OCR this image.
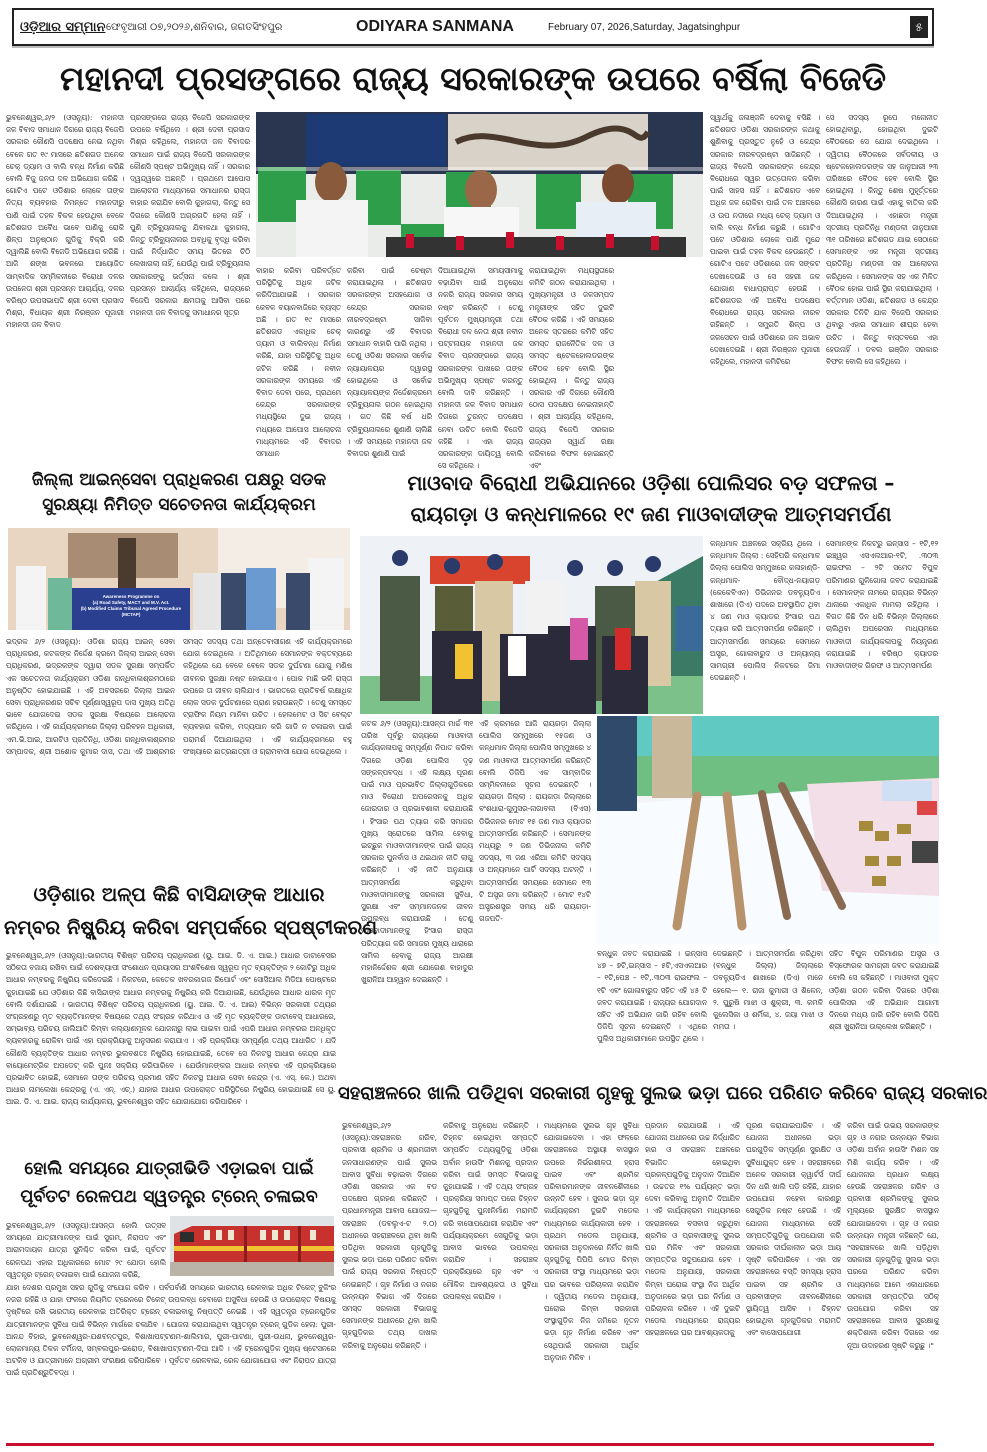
ଓଡ଼ିଆର ସମ୍ମାନ ଫେବୃଆରୀ ୦୭,୨୦୨୬,ଶନିବାର, ଜଗତସିଂହପୁର	ODIYARA SANMANA	February 07, 2026,Saturday, Jagatsinghpur	୫
ମହାନଦୀ ପ୍ରସଙ୍ଗରେ ରାଜ୍ୟ ସରକାରଙ୍କ ଉପରେ ବର୍ଷିଲା ବିଜେଡି
ଭୁବନେଶ୍ୱର,୬/୨ (ଓସନ୍ୟୁ): ମହାନଦୀ ଜଳ ବିବାଦ ସମାଧାନ ଦିଗରେ ରାଜ୍ୟ ବିଜେପି ସରକାର କୌଣସି ପଦକ୍ଷେପ ନେଇ ନଥିବା ବେଳେ ଗତ ୧୯ ମାସରେ ଛତିଶଗଡ ଅନେକ ଚେକ୍ ଡ୍ୟାମ ଓ ବାଲି ବନ୍ଧ ନିର୍ମାଣ କରିଛି ବୋଲି ବିଜୁ ଜନତା ଦଳ ଅଭିଯୋଗ କରିଛି । ଗୋଟିଏ ପଟେ ଓଡିଶାର ଲୋକେ ତାଙ୍କ ନିତ୍ୟ ବ୍ୟବହାର ନିମନ୍ତେ ମହାନଦୀରୁ ପାଣି ପାଇଁ ତହଳ ବିକଳ ହେଉଥିବା ବେଳେ ଛତିଶଗଡ ଅବୈଧ ଭାବେ ପାଣିକୁ ରୋକି ଶିଳ୍ପ ଅନୁଷ୍ଠାନ ଗୁଡିକୁ ବିକ୍ରି କରି ଦ୍ୱାଲିଛି ବୋଲି ବିଜେଡି ଅଭିଯୋଗ କରିଛି । ଆଜି ଶଙ୍ଖ ଭବନରେ ଆୟୋଜିତ ସାମ୍ବାଦିକ ସମ୍ମିଳନୀରେ ବିରୋଧୀ ଦଳର ଉପନେତା ଶ୍ରୀ ପ୍ରସନ୍ନ ଆଚାର୍ଯ୍ୟ, ଦଳର ବରିଷ୍ଠ ଉପସଭାପତି ଶ୍ରୀ ଦେବୀ ପ୍ରସାଦ ମିଶ୍ର, ବିଧାୟକ ଶ୍ରୀ ନିରଞ୍ଜନ ପୂଜାରୀ ମହାନଦୀ ଜଳ ବିବାଦ
ପ୍ରସଙ୍ଗରେ ରାଜ୍ୟ ବିଜେପି ସରକାରଙ୍କ ଉପରେ ବର୍ଷିଥିଲେ । ଶ୍ରୀ ଦେବୀ ପ୍ରସାଦ ମିଶ୍ର କହିଥିଲେ, ମହାନଦୀ ଜଳ ବିବାଦର ସମାଧାନ ପାଇଁ ରାଜ୍ୟ ବିଜେପି ସରକାରଙ୍କ କୌଣସି ସ୍ପଷ୍ଟ ଅଭିମୁଖ୍ୟ ନାହିଁ । ସରକାର ଦ୍ୱନ୍ଦ୍ୱରେ ଅଛନ୍ତି । ପ୍ରଥମେ ଆପୋସ ଆଲୋଚନା ମାଧ୍ୟମରେ ସମାଧାନର ରାସ୍ତା ବାହାର କରାଯିବ ବୋଲି କୁହାଗଲା, କିନ୍ତୁ ସେ ଦିଗରେ କୌଣସି ଅଗ୍ରଗତି ହେଲା ନାହିଁ । ପୁଣି ଟ୍ରିବ୍ୟୁନାଲକୁ ଯିବାକଥା କୁହାଗଲା, କିନ୍ତୁ ଟ୍ରିବ୍ୟୁନାଲର ଅବଧିକୁ ବୃଦ୍ଧି କରିବା ପାଇଁ ନିର୍ଦ୍ଧାରିତ ସମୟ ଭିତରେ ଚିଠି ଲେଖାଗଲା ନାହିଁ, ଯେଉଁଥି ପାଇଁ ଟ୍ରିବ୍ୟୁନାଲ ସରକାରଙ୍କୁ ଭର୍ତ୍ସନା କଲେ । ଶ୍ରୀ ପ୍ରସନ୍ନ ଆଚାର୍ଯ୍ୟ କହିଥିଲେ, ରାଜ୍ୟରେ ବିଜେପି ସରକାର କ୍ଷମତାକୁ ଆସିବା ପରେ ମହାନଦୀ ଜଳ ବିବାଦକୁ ସମାଧାନର ସୂତ୍ର
ବାହାର କରିବା ପରିବର୍ତ୍ତେ ପରିସ୍ଥିତିକୁ ଅଧିକ ଜଟିଳ କରିଦିଆଯାଇଛି । ସରକାର କେବଳ ବୟାନବାଜିରେ ବ୍ୟସ୍ତ ଅଛି । ଗତ ୧୯ ମାସରେ ଛତିଶଗଡ ଏକାଧିକ ଚେକ୍ ଡ୍ୟାମ ଓ ବାଲିବନ୍ଧ ନିର୍ମାଣ କରିଛି, ଯାହା ପରିସ୍ଥିତିକୁ ଅଧିକ ଜଟିଳ କରିଛି । ନବୀନ ସରକାରଙ୍କ ସମୟରେ ଏହି ବିବାଦ ଦେବା ପରେ, ପ୍ରଥମେ କେନ୍ଦ୍ର ସରକାରଙ୍କ ମଧ୍ୟସ୍ଥିରେ ଦୁଇ ରାଜ୍ୟ ମଧ୍ୟରେ ଆପୋସ ଆଲୋଚନା ମାଧ୍ୟମରେ ଏହି ବିବାଦର ସମାଧାନ
କରିବା ପାଇଁ ଚେଷ୍ଟା କରାଯାଇଥିଲା । ଛତିଶଗଡ ସରକାରଙ୍କ ଅସହଯୋଗ ଓ କେନ୍ଦ୍ର ସରକାର ନୀରବଦ୍ରଷ୍ଟା ସାଜିବା କାରଣରୁ ଏହି ବିବାଦର ସମାଧାନ ବାହାରି ପାରି ନଥିଲା । ତେଣୁ ଓଡିଶା ସରକାର ସର୍ବୋଚ୍ଚ ନ୍ୟାୟାଳୟର ଦ୍ୱାରସ୍ଥ ହୋଇଥିଲେ ଓ ସର୍ବୋଚ୍ଚ ନ୍ୟାୟାଳୟଙ୍କ ନିର୍ଦ୍ଦେଶକ୍ରମେ ଟ୍ରିବ୍ୟୁନାଲ ଗଠନ ହୋଇଥିଲା । ଗତ କିଛି ବର୍ଷ ଧରି ଟ୍ରିବ୍ୟୁନାଲରେ ଶୁଣାଣି ଚାଲିଛି । ଏହି ସମୟରେ ମହାନଦୀ ଜଳ ବିବାଦର ଶୁଣାଣି ପାଇଁ
ଦିଆଯାଇଥିବା ସମୟସୀମାକୁ ବଢ଼ାଯିବା ପାଇଁ ଅନୁରୋଧ ନକରି ରାଜ୍ୟ ସରକାର ସମୟ ନଷ୍ଟ କରିଛନ୍ତି । ତେଣୁ ପୂର୍ବତନ ମୁଖ୍ୟମନ୍ତ୍ରୀ ତଥା ବିରୋଧୀ ଦଳ ନେତା ଶ୍ରୀ ନବୀନ ପଟ୍ଟନାୟକ ମହାନଦୀ ଜଳ ବିବାଦ ପ୍ରସଙ୍ଗରେ ରାଜ୍ୟ ସରକାରଙ୍କ ପାଖରେ ତାଙ୍କ ଅଭିମୁଖ୍ୟ ସ୍ପଷ୍ଟ କରନ୍ତୁ ବୋଲି ଦାବି କରିଛନ୍ତି । ମହାନଦୀ ଜଳ ବିବାଦ ସମାଧାନ ଦିଗରେ ତୁରନ୍ତ ପଦକ୍ଷେପ ନେବା ଉଚିତ ବୋଲି ବିଜେଡି କହିଛି । ଏହା ରାଜ୍ୟ ସରକାରଙ୍କ ଦାୟିତ୍ୱ ବୋଲି ସେ କହିଥିଲେ ।
କରାଯାଇଥିବା ମଧ୍ୟସ୍ଥତାରେ କମିଟି ଗଠନ କରାଯାଇଥିଲା । ମୁଖ୍ୟମନ୍ତ୍ରୀ ଓ ଜଳସମ୍ପଦ ମନ୍ତ୍ରୀଙ୍କ ସହିତ ଦୁଇଟି ବୈଠକ କରିଛି । ଏହି ସମୟରେ ଅନେକ ସ୍ତରରେ କମିଟି ସହିତ ସମସ୍ତ ରାଜନୈତିକ ଦଳ ଓ ସମସ୍ତ ଷ୍ଟେକହୋଲଡରଙ୍କ ବୈଠକ ହେବ ବୋଲି ସ୍ଥିର ହୋଇଥିଲା । କିନ୍ତୁ ରାଜ୍ୟ ସରକାର ଏହି ଦିଗରେ କୌଣସି ଠୋସ ପଦକ୍ଷେପ ନେଇନାହାନ୍ତି । ଶ୍ରୀ ଆଚାର୍ଯ୍ୟ କହିଥିଲେ, ରାଜ୍ୟ ବିଜେପି ସରକାର ରାଜ୍ୟର ସ୍ୱାର୍ଥ ରକ୍ଷା କରିବାରେ ବିଫଳ ହୋଇଛନ୍ତି ଏବଂ
ସ୍ୱାର୍ଥକୁ ଜଳାଞ୍ଜଳି ଦେବାକୁ ବସିଛି । ଛତିଶଗଡ ଓଡିଶା ସରକାରଙ୍କ କଥାକୁ ଶୁଣିବାକୁ ପ୍ରସ୍ତୁତ ନୁହେଁ ଓ କେନ୍ଦ୍ର ସରକାର ନୀରବଦ୍ରଷ୍ଟା ସାଜିଛନ୍ତି । ରାଜ୍ୟ ବିଜେପି ସରକାରଙ୍କ କେନ୍ଦ୍ର ବିରୋଧରେ ସ୍ୱର ଉତ୍ତୋଳନ କରିବା ପାଇଁ ସାହସ ନାହିଁ । ଛତିଶଗଡ ଏବେ ଅଧିକ ଜଳ ରୋକିବା ପାଇଁ ତଳ ଅଞ୍ଚଳରେ ଓ ଉପ ନଦୀରେ ମଧ୍ୟ ଚେକ୍ ଡ୍ୟାମ ଓ ବାଲି ବନ୍ଧ ନିର୍ମାଣ କରୁଛି । ଗୋଟିଏ ପଟେ ଓଡିଶାର ଲୋକେ ପାଣି ମୁନ୍ଦେ ପାଇବା ପାଇଁ ତହଳ ବିକଳ ହେଉଛନ୍ତି । ଗୋଟିଏ ପଟେ ଓଡିଶାରେ ଜଳ ସଙ୍କଟ ଦେଖାଦେଉଛି ଓ ସେ ସହରୀ ଜଳ ଯୋଗାଣ ବାଧାପ୍ରାପ୍ତ ହେଉଛି । ଛତିଶଗଡର ଏହି ଅବୈଧ ପଦକ୍ଷେପ ବିରୋଧରେ ରାଜ୍ୟ ସରକାର ନୀରବ ରହିଛନ୍ତି । ସମ୍ପ୍ରତି ଶିଳ୍ପ ଓ ଜଳସେଚନ ପାଇଁ ଓଡିଶାରେ ଜଳ ଅଭାବ ଦେଖାଦେଇଛି । ଶ୍ରୀ ନିରଞ୍ଜନ ପୂଜାରୀ କହିଥିଲେ, ମହାନଦୀ କମିଟିରେ
ସେ ସଦସ୍ୟ ରୂପେ ମନୋନୀତ ହୋଇଥିବାରୁ, ହୋଇଥିବା ଦୁଇଟି ବୈଠକରେ ସେ ଯୋଗ ଦେଇଥିଲେ । ଦ୍ୱିତୀୟ ବୈଠକରେ ସର୍ବଦଳୀୟ ଓ ଷ୍ଟେକହୋଲଡରଙ୍କ ସହ ଜାନୁଆରୀ ୨୩ ତାରିଖରେ ବୈଠକ ହେବ ବୋଲି ସ୍ଥିର ହୋଇଥିଲା । କିନ୍ତୁ ଶେଷ ମୁହୂର୍ତ୍ତରେ କୌଣସି କାରଣ ପାଇଁ ଏହାକୁ ବାତିଲ କରି ଦିଆଯାଇଥିଲା । ଏହାଛଡା ମନ୍ତ୍ରୀ ସ୍ତରୀୟ ପ୍ରତିନିଧି ମଣ୍ଡଳୀ ଜାନୁଆରୀ ୩୧ ତାରିଖରେ ଛତିଶଗଡ ଯାଇ ସେଠାରେ ସେମାନଙ୍କ ଏକ ମନ୍ତ୍ରୀ ସ୍ତରୀୟ ପ୍ରତିନିଧି ମଣ୍ଡଳୀ ସହ ଆଲୋଚନା କରିଥିଲେ । ସେମାନଙ୍କ ସହ ଏକ ମିଳିତ ବୈଠକ ହୋଇ ପାଇଁ ସ୍ଥିର କରାଯାଇଥିଲା । ବର୍ତ୍ତମାନ ଓଡିଶା, ଛତିଶଗଡ ଓ କେନ୍ଦ୍ର ସରକାର ତିନିଟି ଯାକ ବିଜେପି ସରକାର ଥିବାରୁ ଏହାର ସମାଧାନ ଶୀଘ୍ର ହେବା ଉଚିତ । କିନ୍ତୁ ବାସ୍ତବରେ ଏହା ହେଉନାହିଁ । ଡବଲ ଇଞ୍ଜିନ ସରକାର ବିଫଳ ବୋଲି ସେ କହିଥିଲେ ।
ଜିଲ୍ଲା ଆଇନ୍‌ସେବା ପ୍ରାଧିକରଣ ପକ୍ଷରୁ ସଡକ
ସୁରକ୍ଷ୍ୟା ନିମିତ୍ତ ସଚେତନତା କାର୍ଯ୍ୟକ୍ରମ
Awareness Programme on
(a) Road Safety, MACT and M.V. Act.
(b) Modified Claims Tribunal Agreed Procedure (MCTAP)
ଭଦ୍ରକ ୬/୨ (ଓସନ୍ୟୁ): ଓଡିଶା ରାଜ୍ୟ ଆଇନ୍ ସେବା ପ୍ରାଧିକରଣ, କଟକଙ୍କ ନିର୍ଦ୍ଦେଶ କ୍ରମେ ଜିଲ୍ଲା ଆଇନ୍ ସେବା ପ୍ରାଧିକରଣ, ଭଦ୍ରକଙ୍କ ଦ୍ୱାରା ସଡକ ସୁରକ୍ଷା ସମ୍ପର୍କିତ ଏକ ସଚେତନତା କାର୍ଯ୍ୟକ୍ରମ ଓଡିଶା ଗନ୍ଧିବାଳାଶ୍ରମଠାରେ ଅନୁଷ୍ଠିତ ହୋଇଯାଇଛି । ଏହି ଅବସରରେ ଜିଲ୍ଲା ଆଇନ ସେବା ପ୍ରାଧିକରଣର ସଚିବ ପୂର୍ଣ୍ଣାସ୍ୱରୂପ ଦାସ ମୁଖ୍ୟ ଅତିଥି ଭାବେ ଯୋଗଦେଇ ସଡକ ସୁରକ୍ଷା ବିଷୟରେ ଆଲୋଚନା କରିଥିଲେ । ଏହି କାର୍ଯ୍ୟକ୍ରମରେ ଜିଲ୍ଲା ପରିବହନ ଅଧିକାରୀ, ଏମ.ଭି.ଆଇ, ଆରଟିଓ ପ୍ରତିନିଧି, ଓଡିଶା ଗନ୍ଧିବାଳାଶ୍ରମର ସମ୍ପାଦକ, ଶ୍ରୀ ଅଶୋକ କୁମାର ଦାସ, ତଥା ଏହି ଆଶ୍ରମର ସମସ୍ତ ସଦସ୍ୟ ତଥା ଅନ୍ତେବାସୀଗଣ ଏହି କାର୍ଯ୍ୟକ୍ରମରେ ଯୋଗ ଦେଇଥିଲେ । ଅତିଥିମାନେ ସେମାନଙ୍କ ବକ୍ତବ୍ୟରେ କହିଥିଲେ ଯେ ବେଳେ ବେଳେ ସଡକ ଦୁର୍ଘଟଣା ଯୋଗୁ ମଣିଷ ଜୀବନର ସୁରକ୍ଷା ନଷ୍ଟ ହୋଇଯାଏ । ପୋକ ମାଛି ଭଳି ରାସ୍ତା ଉପରେ ତା ଜୀବନ ଚାଲିଯାଏ । ଭାରତରେ ପ୍ରତିବର୍ଷ ଲକ୍ଷାଧିକ ଲୋକ ସଡକ ଦୁର୍ଘଟଣାରେ ପ୍ରାଣ ହରାଉଛନ୍ତି । ତେଣୁ ସମସ୍ତେ ଟ୍ରାଫିକ ନିୟମ ମାନିବା ଉଚିତ । ହେଲମେଟ ଓ ସିଟ ବେଲ୍ଟ ବ୍ୟବହାର କରିବା, ମଦ୍ୟପାନ କରି ଗାଡି ନ ଚଳାଇବା ପାଇଁ ପରାମର୍ଶ ଦିଆଯାଇଥିଲା । ଏହି କାର୍ଯ୍ୟକ୍ରମରେ ବହୁ ସଂଖ୍ୟାରେ ଛାତ୍ରଛାତ୍ରୀ ଓ ଗ୍ରାମବାସୀ ଯୋଗ ଦେଇଥିଲେ ।
ଓଡ଼ିଶାର ଅଳ୍ପ କିଛି ବାସିନ୍ଦାଙ୍କ ଆଧାର
ନମ୍ବର ନିଷ୍କ୍ରିୟ କରିବା ସମ୍ପର୍କରେ ସ୍ପଷ୍ଟୀକରଣ
ଭୁବନେଶ୍ୱର,୬/୨ (ଓସନ୍ୟୁ):ଭାରତୀୟ ବିଶିଷ୍ଟ ପରିଚୟ ପ୍ରାଧିକରଣ (ୟୁ. ଆଇ. ଡି. ଏ. ଆଇ.) ଆଧାର ଡାଟାବେସର ସଠିକତା ବଜାୟ ରଖିବା ପାଇଁ ଦେଶବ୍ୟାପୀ ସଂଶୋଧନ ପ୍ରୟାସର ଅଂଶବିଶେଷ ସ୍ୱରୂପ ମୃତ ବ୍ୟକ୍ତିଙ୍କ ୨ କୋଟିରୁ ଅଧିକ ଆଧାର ନମ୍ବରକୁ ନିଷ୍କ୍ରିୟ କରିଦେଇଛି । ନିକଟରେ, କେତେକ ଖବରକାଗଜ ରିପୋର୍ଟ ଏବଂ ସୋସିଆଲ ମିଡିଆ ପୋଷ୍ଟରେ କୁହାଯାଇଛି ଯେ ଓଡ଼ିଶାର କିଛି ବାସିନ୍ଦାଙ୍କ ଆଧାର ନମ୍ବରକୁ ନିଷ୍କ୍ରିୟ କରି ଦିଆଯାଇଛି, ଯେଉଁଥିରେ ଆଧାର ଧାରକ ମୃତ ବୋଲି ଦର୍ଶାଯାଇଛି । ଭାରତୀୟ ବିଶିଷ୍ଟ ପରିଚୟ ପ୍ରାଧିକରଣ (ୟୁ. ଆଇ. ଡି. ଏ. ଆଇ) ବିଭିନ୍ନ ସରକାରୀ ତଥ୍ୟର ସଂଗ୍ରହଣରୁ ମୃତ ବ୍ୟକ୍ତିମାନଙ୍କ ବିଷୟରେ ତଥ୍ୟ ସଂଗ୍ରହ କରିଥାଏ ଓ ଏହି ମୃତ ବ୍ୟକ୍ତିଙ୍କ ଡାଟାବେସ୍ ଆଧାରରେ, ସମ୍ଭାବ୍ୟ ପରିଚୟ ଜାଲିଆତି କିମ୍ବା କଲ୍ୟାଣମୂଳକ ଯୋଜନାରୁ ଲାଭ ପାଇବା ପାଇଁ ଏପରି ଆଧାର ନମ୍ବରର ଅନଧିକୃତ ବ୍ୟବହାରକୁ ରୋକିବା ପାଇଁ ଏହା ପ୍ରକ୍ରିୟାକୁ ଅନୁସରଣ କରାଯାଏ । ଏହି ପ୍ରକ୍ରିୟା ସମ୍ପୂର୍ଣ୍ଣ ତଥ୍ୟ ଆଧାରିତ । ଯଦି କୌଣସି ବ୍ୟକ୍ତିଙ୍କ ଆଧାର ନମ୍ବର ଭୁଲବଶତଃ ନିଷ୍କ୍ରିୟ ହୋଇଯାଇଛି, ତେବେ ସେ ନିକଟସ୍ଥ ଆଧାର କେନ୍ଦ୍ର ଯାଇ ବାୟୋମେଟ୍ରିକ ଅପଡେଟ୍ କରି ପୁନଃ ସକ୍ରିୟ କରିପାରିବେ । ଯେଉଁମାନଙ୍କର ଆଧାର ନମ୍ବର ଏହି ପ୍ରକ୍ରିୟାରେ ପ୍ରଭାବିତ ହୋଇଛି, ସେମାନେ ତାଙ୍କ ପରିଚୟ ପ୍ରମାଣ ସହିତ ନିକଟସ୍ଥ ଆଧାର ସେବା କେନ୍ଦ୍ର (ଏ. ଏସ୍. କେ.) ଅଥବା ଆଧାର ନାମଲେଖା କେନ୍ଦ୍ରକୁ (ଏ. ଏନ୍. ଏଚ୍.) ଯାହାର ଆଧାର ଉପରୋକ୍ତ ପରିସ୍ଥିତିରେ ନିଷ୍କ୍ରିୟ ହୋଇଯାଇଛି ସେ ୟୁ. ଆଇ. ଡି. ଏ. ଆଇ. ରାଜ୍ୟ କାର୍ଯ୍ୟାଳୟ, ଭୁବନେଶ୍ୱର ସହିତ ଯୋଗାଯୋଗ କରିପାରିବେ ।
ହୋଲି ସମୟରେ ଯାତ୍ରୀଭିଡି ଏଡ଼ାଇବା ପାଇଁ
ପୂର୍ବତଟ ରେଳପଥ ସ୍ୱତନ୍ତ୍ର ଟ୍ରେନ୍ ଚଳାଇବ
ଭୁବନେଶ୍ୱର,୬/୨ (ଓସନ୍ୟୁ):ଆସନ୍ତା ହୋଲି ଉତ୍ସବ ସମୟରେ ଯାତ୍ରୀମାନଙ୍କ ପାଇଁ ସୁଗମ, ନିରାପଦ ଏବଂ ଆରାମଦାୟକ ଯାତ୍ରା ସୁନିଶ୍ଚିତ କରିବା ପାଇଁ, ପୂର୍ବତଟ ରେଳପଥ ଏହାର ଅଧିକାରରେ ମୋଟ ୨୯ ଯୋଡ଼ା ହୋଲି ସ୍ୱତନ୍ତ୍ର ଟ୍ରେନ୍ ଚଳାଇବା ପାଇଁ ଯୋଜନା କରିଛି,
ଯାହା ଦେଶର ପ୍ରମୁଖ ସହର ଗୁଡିକୁ ସଂଯୋଗ କରିବ । ପର୍ବପର୍ବାଣି ସମୟରେ ଭାରତୀୟ ରେଳବାଇ ଅଧିକ ଟିକେଟ୍ ବୁକିଂର ନଜର ରହିଛି ଓ ଯାହା ଫଳରେ ନିୟମିତ ଟ୍ରେନରେ ଟିକେଟ୍ ଉପଲବ୍ଧ ହେବାରେ ଅସୁବିଧା ହେଉଛି ଓ ଉପରୋକ୍ତ ବିଷୟକୁ ଦୃଷ୍ଟିରେ ରଖି ଭାରତୀୟ ରେଳବାଇ ଅତିରିକ୍ତ ଟ୍ରେନ୍ ଚଳାଇବାକୁ ନିଷ୍ପତ୍ତି ନେଇଛି । ଏହି ସ୍ୱତନ୍ତ୍ର ଟ୍ରେନଗୁଡ଼ିକ ଯାତ୍ରୀମାନଙ୍କ ସୁବିଧା ପାଇଁ ବିଭିନ୍ନ ମାର୍ଗରେ ଚଳାଯିବ । ଯୋଜନା କରାଯାଇଥିବା ସ୍ୱତନ୍ତ୍ର ଟ୍ରେନ୍ ଗୁଡିକ ହେଲା: ପୁରୀ-ଆନନ୍ଦ ବିହାର, ଭୁବନେଶ୍ୱର-ଯଶବନ୍ତପୁର, ବିଶାଖାପଟ୍ଟଣମ-ଶାଲିମାର, ପୁରୀ-ପାଟଣା, ପୁରୀ-ଉଧନା, ଭୁବନେଶ୍ୱର-ଲୋକମାନ୍ୟ ତିଳକ ଟର୍ମିନସ, ସମ୍ବଲପୁର-ଇରୋଡ, ବିଶାଖାପଟ୍ଟଣମ-ଦିଘା ଆଦି । ଏହି ଟ୍ରେନଗୁଡ଼ିକ ମୁଖ୍ୟ ଷ୍ଟେସନରେ ଅଟକିବ ଓ ଯାତ୍ରୀମାନେ ଅଗ୍ରୀମ ସଂରକ୍ଷଣ କରିପାରିବେ । ପୂର୍ବତଟ ରେଳବାଇ, ରେଳ ଯୋଗାଯୋଗ ଏବଂ ନିରାପଦ ଯାତ୍ରା ପାଇଁ ପ୍ରତିଶ୍ରୁତିବଦ୍ଧ ।
ମାଓବାଦ ବିରୋଧୀ ଅଭିଯାନରେ ଓଡ଼ିଶା ପୋଲିସର ବଡ଼ ସଫଳତା –
ରାୟଗଡ଼ା ଓ କନ୍ଧମାଳରେ ୧୯ ଜଣ ମାଓବାଦୀଙ୍କ ଆତ୍ମସମର୍ପଣ
କଟକ ୬/୨ (ଓସନ୍ୟୁ):ଆସନ୍ତା ମାର୍ଚ୍ଚ ୩୧ ତାରିଖ ପୂର୍ବରୁ ରାଜ୍ୟରେ ମାଓବାଦୀ କାର୍ଯ୍ୟକଳାପକୁ ସମ୍ପୂର୍ଣ୍ଣ ନିପାତ କରିବା ଦିଗରେ ଓଡ଼ିଶା ପୋଲିସ ଦୃଢ଼ ସଙ୍କଳ୍ପବଦ୍ଧ । ଏହି ଲକ୍ଷ୍ୟ ପୂରଣ ପାଇଁ ମାଓ ପ୍ରଭାବିତ ଜିଲ୍ଲାଗୁଡ଼ିକରେ ମାଓ ବିରୋଧୀ ଅପରେସନକୁ ଅଧିକ ଜୋରଦାର ଓ ପ୍ରଭାବଶାଳୀ କରାଯାଉଛି । ହିଂସାର ପଥ ତ୍ୟାଗ କରି ସମାଜର ମୁଖ୍ୟ ସ୍ରୋତରେ ସାମିଲ ହେବାକୁ ଇଚ୍ଛୁକ ମାଓବାଦୀମାନଙ୍କ ପାଇଁ ରାଜ୍ୟ ସରକାର ପୁନର୍ବାସ ଓ ଥଇଥାନ ନୀତି ଲାଗୁ କରିଛନ୍ତି । ଏହି ନୀତି ଅନୁଯାୟୀ ଆତ୍ମସମର୍ପଣ କରୁଥିବା ମାଓବାଦୀମାନଙ୍କୁ ସରକାରୀ ସୁବିଧା, ସୁରକ୍ଷା ଏବଂ ସମ୍ମାନଜନକ ଜୀବନ ଉପଲବ୍ଧ କରାଯାଉଛି । ତେଣୁ ମାଓବାଦୀମାନଙ୍କୁ ହିଂସାର ରାସ୍ତା ପରିତ୍ୟାଗ କରି ସମାଜର ମୁଖ୍ୟ ଧାରାରେ ସାମିଲ ହେବାକୁ ରାଜ୍ୟ ଆରକ୍ଷୀ ମହାନିର୍ଦ୍ଦେଶକ ଶ୍ରୀ ଯୋଗେଶ ବାହାଦୁର ଖୁରାନିଆ ଆହ୍ୱାନ ଦେଇଛନ୍ତି ।
ଏହି କ୍ରମରେ ଆଜି ରାୟଗଡ଼ା ଜିଲ୍ଲା ପୋଲିସ ସମ୍ମୁଖରେ ୧୫ଜଣ ଓ କନ୍ଧମାଳ ଜିଲ୍ଲା ପୋଲିସ ସମ୍ମୁଖରେ ୪ ଜଣ ମାଓବାଦୀ ଆତ୍ମସମର୍ପଣ କରିଛନ୍ତି ବୋଲି ଡିଜିପି ଏକ ସାମ୍ବାଦିକ ସମ୍ମିଳନୀରେ ସୂଚନା ଦେଇଛନ୍ତି । ରାୟଗଡ଼ା ଜିଲ୍ଲା : ରାୟଗଡ଼ା ଜିଲ୍ଲାରେ ବଂଶଧାରା-ଗୁମୁସର-ନାଗାବଳୀ (ବିଏସ) ଡିଭିଜନର ମୋଟ ୧୫ ଜଣ ମାଓ କ୍ୟାଡର ଆତ୍ମସମର୍ପଣ କରିଛନ୍ତି । ସେମାନଙ୍କ ମଧ୍ୟରୁ ୨ ଜଣ ଡିଭିଜନାଲ କମିଟି ସଦସ୍ୟ, ୩ ଜଣ ଏରିଆ କମିଟି ସଦସ୍ୟ ଓ ଅନ୍ୟମାନେ ପାର୍ଟି ସଦସ୍ୟ ଅଟନ୍ତି । ଆତ୍ମସମର୍ପଣ ସମୟରେ ସେମାନେ ୧୩ ଟି ଅସ୍ତ୍ର ଜମା କରିଛନ୍ତି । ମୋଟ ୧୪ଟି ଅସ୍ତ୍ରଶସ୍ତ୍ର ସମୟ ଧରି ରାୟଗଡ଼ା-ଗଜପତି-
କନ୍ଧମାଳ ଅଞ୍ଚଳରେ ସକ୍ରିୟ ଥିଲେ । କନ୍ଧମାଳ ଜିଲ୍ଲା : ସେହିପରି କନ୍ଧମାଳ ଜିଲ୍ଲା ପୋଲିସ ସମ୍ମୁଖରେ କଳାହାଣ୍ଡି- କନ୍ଧମାଳ- ବୌଦ୍ଧ-ନୟାଗଡ଼ (କେକେବିଏନ) ଡିଭିଜନର ଡବଳ୍ୟୁଡିଏ ଶାଖାରେ (ଡିଏ) ପଦରେ ଅବସ୍ଥାପିତ ଥିବା ୪ ଜଣ ମାଓ କ୍ୟାଡର ହିଂସାର ପଥ ତ୍ୟାଗ କରି ଆତ୍ମସମର୍ପଣ କରିଛନ୍ତି । ଆତ୍ମସମର୍ପଣ ସମୟରେ ସେମାନେ ଅସ୍ତ୍ର, ଗୋଳାବାରୁଦ ଓ ଅନ୍ୟାନ୍ୟ ସାମଗ୍ରୀ ପୋଲିସ ନିକଟରେ ଜିମା ଦେଇଛନ୍ତି ।
ସେମାନଙ୍କ ନିକଟରୁ ଇନ୍ସାସ – ୧ଟି,୧୨ ଇଞ୍ଚ୍ୱର ଏସଏଲଆର-୧ଟି, .୩୦୩ ରାଇଫଲ – ୨ଟି ସମେତ ବିପୁଳ ପରିମାଣର ଗୁଳିଗୋଳା ଜବତ କରାଯାଇଛି । ସେମାନଙ୍କ ନାମରେ ରାଜ୍ୟର ବିଭିନ୍ନ ଥାନାରେ ଏକାଧିକ ମାମଲା ରହିଥିଲା । ବିଗତ କିଛି ଦିନ ଧରି ବିଭିନ୍ନ ଜିଲ୍ଲାରେ ଚାଲିଥିବା ଅପରେସନ ମାଧ୍ୟମରେ ମାଓବାଦୀ କାର୍ଯ୍ୟକଳାପକୁ ନିୟନ୍ତ୍ରଣ କରାଯାଇଛି । ବରିଷ୍ଠ କ୍ୟାଡର ମାଓବାଦୀଙ୍କ ଗିରଫ ଓ ଆତ୍ମସମର୍ପଣ
ବନ୍ଧୁକ ଜବତ କରାଯାଇଛି । ଇନ୍ସାସ ୪୭ – ୭ଟି,ଇନ୍ସାସ – ୫ଟି,ଏସଏଲଆର – ୧ଟି,ପେଞ୍ଚ – ୧ଟି,.୩୦୩ ରାଇଫଲ – ୧ଟି ଏବଂ ଗୋଳାବାରୁଦ ସହିତ ଏହି ୪୫ ଟି ଜବତ କରାଯାଇଛି । ରାଜ୍ୟର ଯୋଗଦାନ ସହିତ ଏହି ଅଭିଯାନ ଜାରି ରହିବ ବୋଲି ଡିଜିପି ସୂଚନା ଦେଇଛନ୍ତି । ଏଥିରେ ପୁଲିସ ଅଧିକାରୀମାନେ ଉପସ୍ଥିତ ଥିଲେ ।
ଦେଇଛନ୍ତି । ଆତ୍ମସମର୍ପଣ କରିଥିବା (ବନ୍ଧୁକ ଜିଲ୍ଲା) ଜିଲ୍ଲାରେ ଡବଳ୍ୟୁଡିଏ ଶାଖାରେ (ଡିଏ) ମାନେ ହେଲେ— ୧. ରାଜା କୁମାରୀ ଓ ଶିଳେନ, ୨. ପୁରୁଷି ମାଝୀ ଓ ଶୁକ୍ରୀ, ୩. କମଳି କୁଲେସିକା ଓ ଶର୍ମିଳା, ୪. ଜୟା ମାଝୀ ଓ ମମତା ।
ସହିତ ବିପୁଳ ପରିମାଣର ଅସ୍ତ୍ର ଓ ବିସ୍ଫୋରକ ସାମଗ୍ରୀ ଜବତ କରାଯାଇଛି ବୋଲି ସେ କହିଛନ୍ତି । ମାଓବାଦୀ ମୁକ୍ତ ଓଡ଼ିଶା ଗଠନ କରିବା ଦିଗରେ ଓଡ଼ିଶା ପୋଲିସର ଏହି ଅଭିଯାନ ଆଗାମୀ ଦିନରେ ମଧ୍ୟ ଜାରି ରହିବ ବୋଲି ଡିଜିପି ଶ୍ରୀ ଖୁରାନିଆ ଉଲ୍ଲେଖ କରିଛନ୍ତି ।
ସହରାଞ୍ଚଳରେ ଖାଲି ପଡିଥିବା ସରକାରୀ ଗୃହକୁ ସୁଲଭ ଭଡ଼ା ଘରେ ପରିଣତ କରିବେ ରାଜ୍ୟ ସରକାର
ଭୁବନେଶ୍ୱର,୬/୨ (ଓସନ୍ୟୁ):ସହରାଞ୍ଚଳର ଗରିବ, ପ୍ରବାସୀ ଶ୍ରମିକ ଓ ଶ୍ରମଜୀବୀ ଜନସାଧାରଣଙ୍କ ପାଇଁ ସୁଲଭ ଆବାସ ସୁବିଧା ବଢ଼ାଇବା ଦିଗରେ ଓଡ଼ିଶା ସରକାର ଏକ ବଡ ପଦକ୍ଷେପ ଗ୍ରହଣ କରିଛନ୍ତି । ପ୍ରଧାନମନ୍ତ୍ରୀ ଆବାସ ଯୋଜନା—ସହରାଞ୍ଚଳ (ଡବଲୁଏ-ଟ ୨.୦) ଅଧୀନରେ ସହରାଞ୍ଚଳରେ ଥିବା ଖାଲି ପଡିଥିବା ସରକାରୀ ଗୃହଗୁଡ଼ିକୁ ସୁଲଭ ଭଡ଼ା ଘରେ ପରିଣତ କରିବା ପାଇଁ ରାଜ୍ୟ ସରକାର ନିଷ୍ପତ୍ତି ନେଇଛନ୍ତି । ଗୃହ ନିର୍ମାଣ ଓ ନଗର ଉନ୍ନୟନ ବିଭାଗ ଏହି ଦିଗରେ ସମସ୍ତ ସରକାରୀ ବିଭାଗକୁ ସେମାନଙ୍କ ଅଧୀନରେ ଥିବା ଖାଲି ଗୃହଗୁଡ଼ିକର ତଥ୍ୟ ଦାଖଲ କରିବାକୁ ଅନୁରୋଧ କରିଛନ୍ତି ।
କରିବାକୁ ଅନୁରୋଧ କରିଛନ୍ତି । ଚିହ୍ନଟ ହୋଇଥିବା ସମ୍ପତ୍ତି ସମ୍ପର୍କିତ ତଥ୍ୟଗୁଡ଼ିକୁ ଓଡ଼ିଶା ଅର୍ବାନ ହାଉସିଂ ମିଶନକୁ ପ୍ରଦାନ କରିବା ପାଇଁ ସମସ୍ତ ବିଭାଗକୁ କୁହାଯାଇଛି । ଏହି ତଥ୍ୟ ସଂଗ୍ରହ ପ୍ରକ୍ରିୟା ସମାପ୍ତ ପରେ ଚିହ୍ନଟ ଗୃହଗୁଡ଼ିକୁ ପୁନଃନିର୍ମାଣ ମରାମତି କରି ବାସୋପଯୋଗୀ କରାଯିବ ଏବଂ ପର୍ଯ୍ୟାୟକ୍ରମେ ସେଗୁଡ଼ିକୁ ଭଡ଼ା ଆବାସ ଭାବରେ ଉପଲବ୍ଧ କରାଯିବ । ସହରାଞ୍ଚଳ ପ୍ରକ୍ରିୟାରେ ଗୃହ ଏବଂ ଏ ମୌଳିକ ଆବଶ୍ୟକତା ଓ ସୁବିଧା ଉପଲବ୍ଧ କରାଯିବ ।
ମାଧ୍ୟମରେ ସୁଲଭ ଗୃହ ସୁବିଧା ଯୋଗାଇଦେବା । ଏହା ଫଳରେ ସହରାଞ୍ଚଳରେ ଅସ୍ଥାୟୀ ବାସସ୍ଥାନ ଉପରେ ନିର୍ଭରଶୀଳତା ହ୍ରାସ ପାଇବ ଏବଂ ଶ୍ରମିକ ପରିବାରମାନଙ୍କ ଜୀବନଶୈଳୀରେ ଉନ୍ନତି ହେବ । ସୁଲଭ ଭଡ଼ା ଗୃହ କାର୍ଯ୍ୟକ୍ରମ ଦୁଇଟି ମଡେଲ ମାଧ୍ୟମରେ କାର୍ଯ୍ୟକାରୀ ହେବ । ପ୍ରଥମ ମଡେଲ ଅନୁଯାୟୀ, ସରକାରୀ ଅନୁଦାନରେ ନିର୍ମିତ ଖାଲି ଗୃହଗୁଡ଼ିକୁ ପିପିପି ମୋଡ କିମ୍ବା ସରକାରୀ ସଂସ୍ଥା ମାଧ୍ୟମରେ ଭଡ଼ା ଘର ଭାବରେ ପରିଚାଳନା କରାଯିବ । ଦ୍ୱିତୀୟ ମଡେଲ ଅନୁଯାୟୀ, ଘରୋଇ କିମ୍ବା ସରକାରୀ ସଂସ୍ଥାଗୁଡ଼ିକ ନିଜ ଜମିରେ ନୂତନ ଭଡ଼ା ଗୃହ ନିର୍ମାଣ କରିବେ ଏବଂ ସେଥିପାଇଁ ସରକାରୀ ଆର୍ଥିକ ଅନୁଦାନ ମିଳିବ ।
ପ୍ରଦାନ କରାଯାଉଛି । ଏହି ଯୋଜନା ଅଧୀନରେ ଉଚ୍ଚ ନିର୍ଦ୍ଧାରିତ ହାର ଓ ସହରାଞ୍ଚଳ ଅଞ୍ଚଳରେ ବିଭାଜିତ ହୋଇଥିବା ପ୍ରକଳ୍ପଗୁଡ଼ିକୁ ଅନୁଦାନ ଦିଆଯିବ । ଉଚ୍ଚତର ୧% ପର୍ଯ୍ୟନ୍ତ ଭଡ଼ା ଦେବା କରିବାକୁ ଅନୁମତି ଦିଆଯିବ । ଏହି କାର୍ଯ୍ୟକ୍ରମ ମାଧ୍ୟମରେ ସହରାଞ୍ଚଳରେ ବସବାସ କରୁଥିବା ଶ୍ରମିକ ଓ ପ୍ରବାସୀଙ୍କୁ ସୁଲଭ ଘର ମିଳିବ ଏବଂ ସରକାରୀ ସମ୍ପତ୍ତିର ସଦୁପଯୋଗ ହେବ । ମଡେଲ ଅନୁଯାୟୀ, ସରକାରୀ କିମ୍ବା ଘରୋଇ ସଂସ୍ଥା ନିଜ ଆର୍ଥିକ ଅନୁଦାନରେ ଭଡ଼ା ଘର ନିର୍ମାଣ ଓ ପରିଚାଳନା କରିବେ । ଏହି ଦୁଇଟି ମଡେଲ ମାଧ୍ୟମରେ ରାଜ୍ୟର ସହରାଞ୍ଚଳରେ ଘର ଆବଶ୍ୟକତାକୁ
ପୂରଣ କରାଯାଇପାରିବ । ଏହି ଯୋଜନା ଅଧୀନରେ ଭଡ଼ା ଘରଗୁଡ଼ିକ ସମ୍ପୂର୍ଣ୍ଣ ସୁରକ୍ଷିତ ଓ ସୁବିଧାଯୁକ୍ତ ହେବ । ସହରାଞ୍ଚଳରେ ଅନେକ ସରକାରୀ କ୍ୱାର୍ଟର୍ସ ଦୀର୍ଘ ଦିନ ଧରି ଖାଲି ପଡ଼ି ରହିଛି, ଯାହାର ଉପଯୋଗ ନହେବା କାରଣରୁ ସେଗୁଡ଼ିକ ନଷ୍ଟ ହେଉଛି । ଏହି ଯୋଜନା ମାଧ୍ୟମରେ ସେହି ସମ୍ପତ୍ତିଗୁଡ଼ିକୁ ଉପଯୋଗୀ କରି ସରକାର ଦୀର୍ଘକାଳୀନ ଭଡ଼ା ଆୟ ସୃଷ୍ଟି କରିପାରିବେ । ଏହା ସହ ସହରାଞ୍ଚଳରେ ବସ୍ତି ସମସ୍ୟା ହ୍ରାସ ପାଇବା ସହ ଶ୍ରମିକ ଓ ପ୍ରବାସୀଙ୍କ ଜୀବନଶୈଳୀରେ ସ୍ଥାୟିତ୍ୱ ଆସିବ । ଚିହ୍ନଟ ହୋଇଥିବା ଗୃହଗୁଡ଼ିକର ମରାମତି ଏବଂ ବାସୋପଯୋଗୀ
କରିବା ପାଇଁ ଉଭୟ ସରକାରଙ୍କ ଗୃହ ଓ ନଗର ଉନ୍ନୟନ ବିଭାଗ ଓଡ଼ିଶା ଅର୍ବାନ ହାଉସିଂ ମିଶନ ସହ ମିଶି କାର୍ଯ୍ୟ କରିବ । ଏହି ଯୋଜନାର ପ୍ରଧାନ ଲକ୍ଷ୍ୟ ହେଉଛି ସହରାଞ୍ଚଳର ଗରିବ ଓ ପ୍ରବାସୀ ଶ୍ରମିକଙ୍କୁ ସୁଲଭ ମୂଲ୍ୟରେ ସୁରକ୍ଷିତ ବାସସ୍ଥାନ ଯୋଗାଇଦେବା । ଗୃହ ଓ ନଗର ଉନ୍ନୟନ ମନ୍ତ୍ରୀ କହିଛନ୍ତି ଯେ, "ସହରାଞ୍ଚଳରେ ଖାଲି ପଡ଼ିଥିବା ସରକାରୀ ଗୃହଗୁଡ଼ିକୁ ସୁଲଭ ଭଡ଼ା ଘରରେ ପରିଣତ କରିବା ମାଧ୍ୟମରେ ଆମେ ଏକାଧାରରେ ସରକାରୀ ସମ୍ପତ୍ତିର ସଠିକ୍ ଉପଯୋଗ କରିବା ସହ ସହରାଞ୍ଚଳରେ ଆବାସ ସୁରକ୍ଷାକୁ ଶକ୍ତିଶାଳୀ କରିବା ଦିଗରେ ଏକ ନୂଆ ଉଦାହରଣ ସୃଷ୍ଟି କରୁଛୁ ।"
